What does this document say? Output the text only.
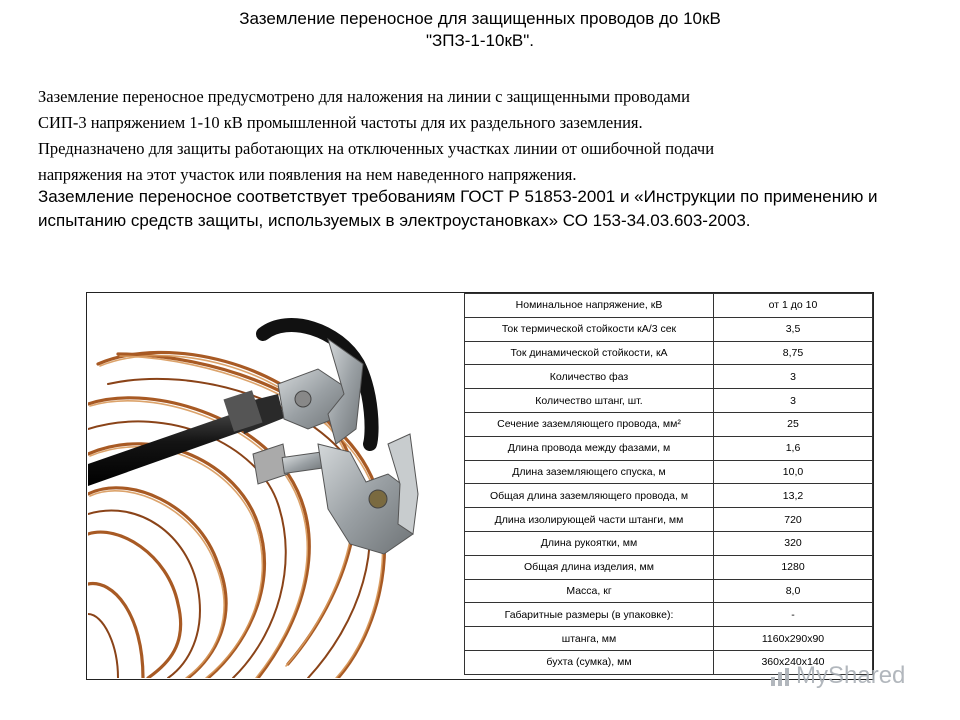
Заземление переносное для защищенных проводов до 10кВ
"ЗПЗ-1-10кВ".
Заземление переносное предусмотрено для наложения на линии с защищенными проводами
СИП-3 напряжением 1-10 кВ промышленной частоты для их раздельного заземления.
Предназначено для защиты работающих на отключенных участках линии от ошибочной подачи
напряжения на этот участок или появления на нем наведенного напряжения.
Заземление переносное соответствует требованиям ГОСТ Р 51853-2001 и «Инструкции по применению и испытанию средств защиты, используемых в электроустановках» СО 153-34.03.603-2003.
Номинальное напряжение, кВ	от 1 до 10
Ток термической стойкости кА/3 сек	3,5
Ток динамической стойкости, кА	8,75
Количество фаз	3
Количество штанг, шт.	3
Сечение заземляющего провода, мм²	25
Длина провода между фазами, м	1,6
Длина заземляющего спуска, м	10,0
Общая длина заземляющего провода, м	13,2
Длина изолирующей части штанги, мм	720
Длина рукоятки, мм	320
Общая длина изделия, мм	1280
Масса, кг	8,0
Габаритные размеры (в упаковке):	-
штанга, мм	1160х290х90
бухта (сумка), мм	360х240х140
MyShared
